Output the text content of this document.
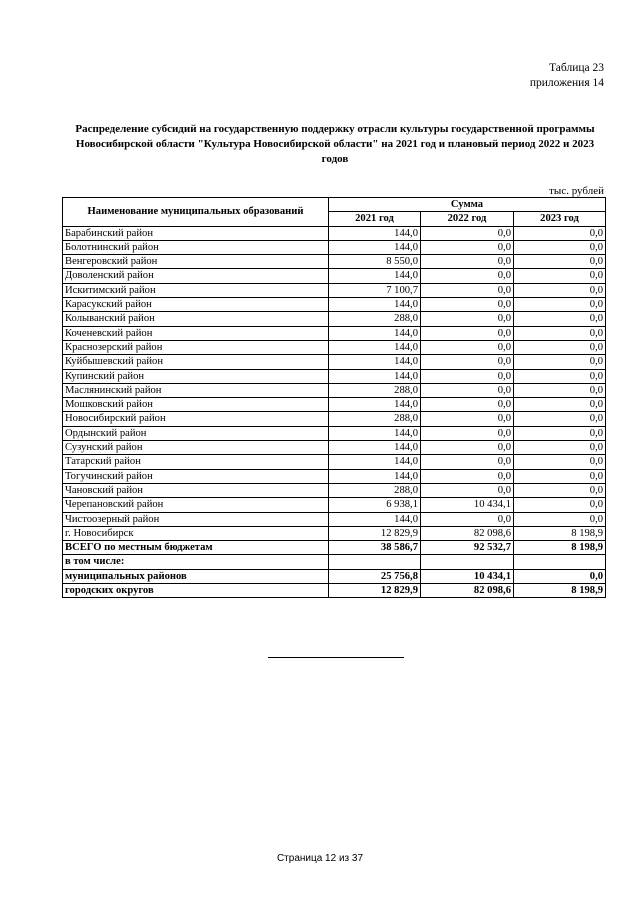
Таблица 23
приложения 14
Распределение субсидий на государственную поддержку отрасли культуры государственной программы Новосибирской области "Культура Новосибирской области" на 2021 год и плановый период 2022 и 2023 годов
тыс. рублей
Наименование муниципальных образований	Сумма		
	2021 год	2022 год	2023 год
Барабинский район	144,0	0,0	0,0
Болотнинский район	144,0	0,0	0,0
Венгеровский район	8 550,0	0,0	0,0
Доволенский район	144,0	0,0	0,0
Искитимский район	7 100,7	0,0	0,0
Карасукский район	144,0	0,0	0,0
Колыванский район	288,0	0,0	0,0
Коченевский район	144,0	0,0	0,0
Краснозерский район	144,0	0,0	0,0
Куйбышевский район	144,0	0,0	0,0
Купинский район	144,0	0,0	0,0
Маслянинский район	288,0	0,0	0,0
Мошковский район	144,0	0,0	0,0
Новосибирский район	288,0	0,0	0,0
Ордынский район	144,0	0,0	0,0
Сузунский район	144,0	0,0	0,0
Татарский район	144,0	0,0	0,0
Тогучинский район	144,0	0,0	0,0
Чановский район	288,0	0,0	0,0
Черепановский район	6 938,1	10 434,1	0,0
Чистоозерный район	144,0	0,0	0,0
г. Новосибирск	12 829,9	82 098,6	8 198,9
ВСЕГО по местным бюджетам	38 586,7	92 532,7	8 198,9
в том числе:			
муниципальных районов	25 756,8	10 434,1	0,0
городских округов	12 829,9	82 098,6	8 198,9
Страница 12 из 37
